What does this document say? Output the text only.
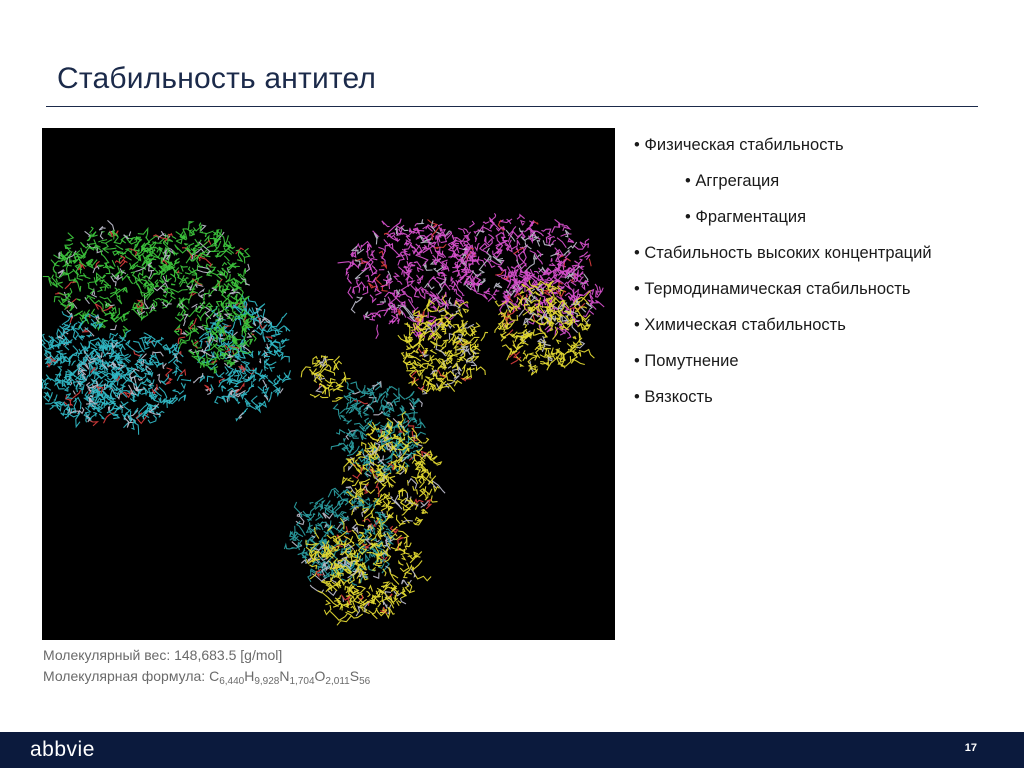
Стабильность антител
Молекулярный вес: 148,683.5 [g/mol]
Молекулярная формула: $C_{6,440}H_{9,928}N_{1,704}O_{2,011}S_{56}$
• Физическая стабильность
• Аггрегация
• Фрагментация
• Стабильность высоких концентраций
• Термодинамическая стабильность
• Химическая стабильность
• Помутнение
• Вязкость
abbvie	17
